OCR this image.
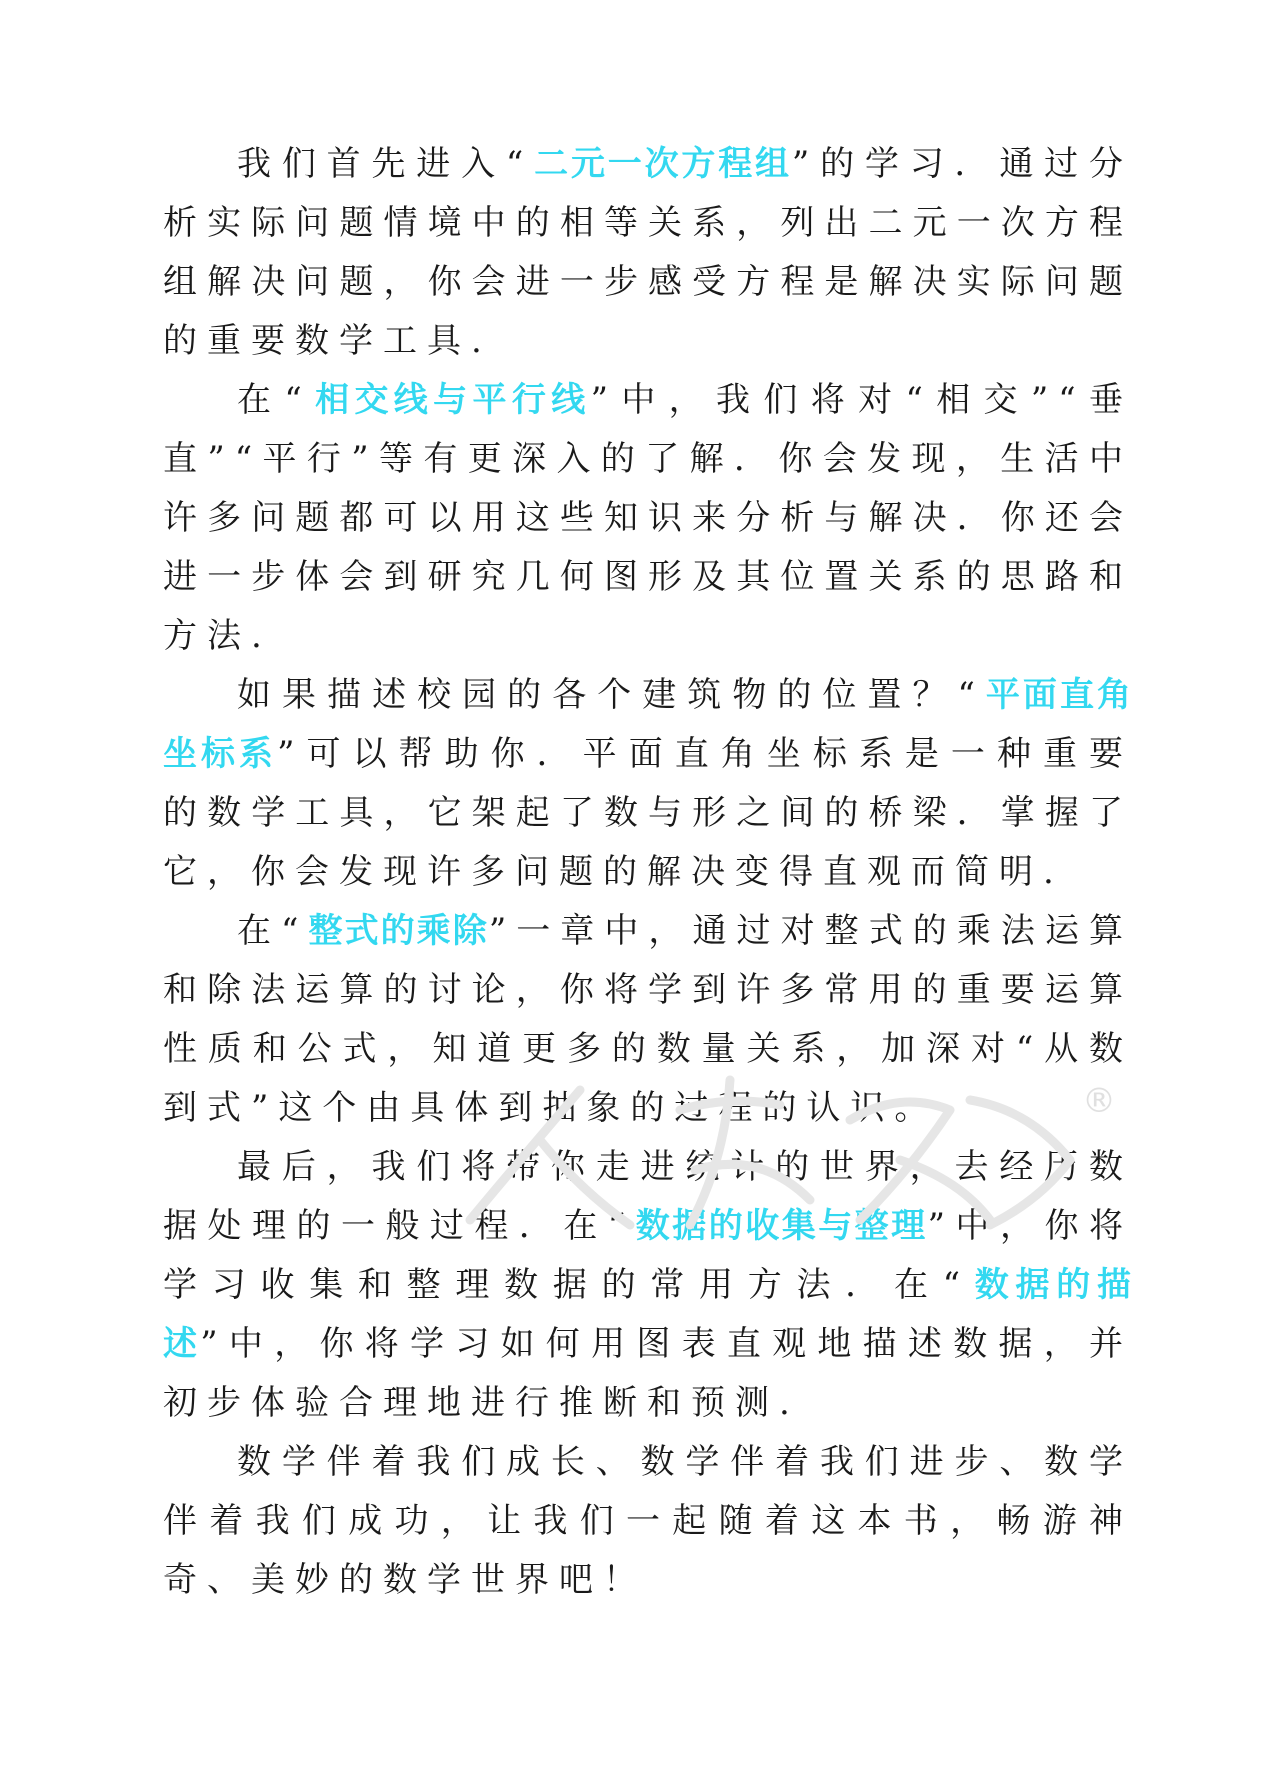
我们首先进入“二元一次方程组”的学习．通过分析实际问题情境中的相等关系，列出二元一次方程组解决问题，你会进一步感受方程是解决实际问题的重要数学工具.

在“相交线与平行线”中，我们将对“相交”“垂直”“平行”等有更深入的了解．你会发现，生活中许多问题都可以用这些知识来分析与解决．你还会进一步体会到研究几何图形及其位置关系的思路和方法.

如果描述校园的各个建筑物的位置？“平面直角坐标系”可以帮助你．平面直角坐标系是一种重要的数学工具，它架起了数与形之间的桥梁．掌握了它，你会发现许多问题的解决变得直观而简明.

在“整式的乘除”一章中，通过对整式的乘法运算和除法运算的讨论，你将学到许多常用的重要运算性质和公式，知道更多的数量关系，加深对“从数到式”这个由具体到抽象的过程的认识。

最后，我们将带你走进统计的世界，去经历数据处理的一般过程．在“数据的收集与整理”中，你将学习收集和整理数据的常用方法．在“数据的描述”中，你将学习如何用图表直观地描述数据，并初步体验合理地进行推断和预测.

数学伴着我们成长、数学伴着我们进步、数学伴着我们成功，让我们一起随着这本书，畅游神奇、美妙的数学世界吧！

®
